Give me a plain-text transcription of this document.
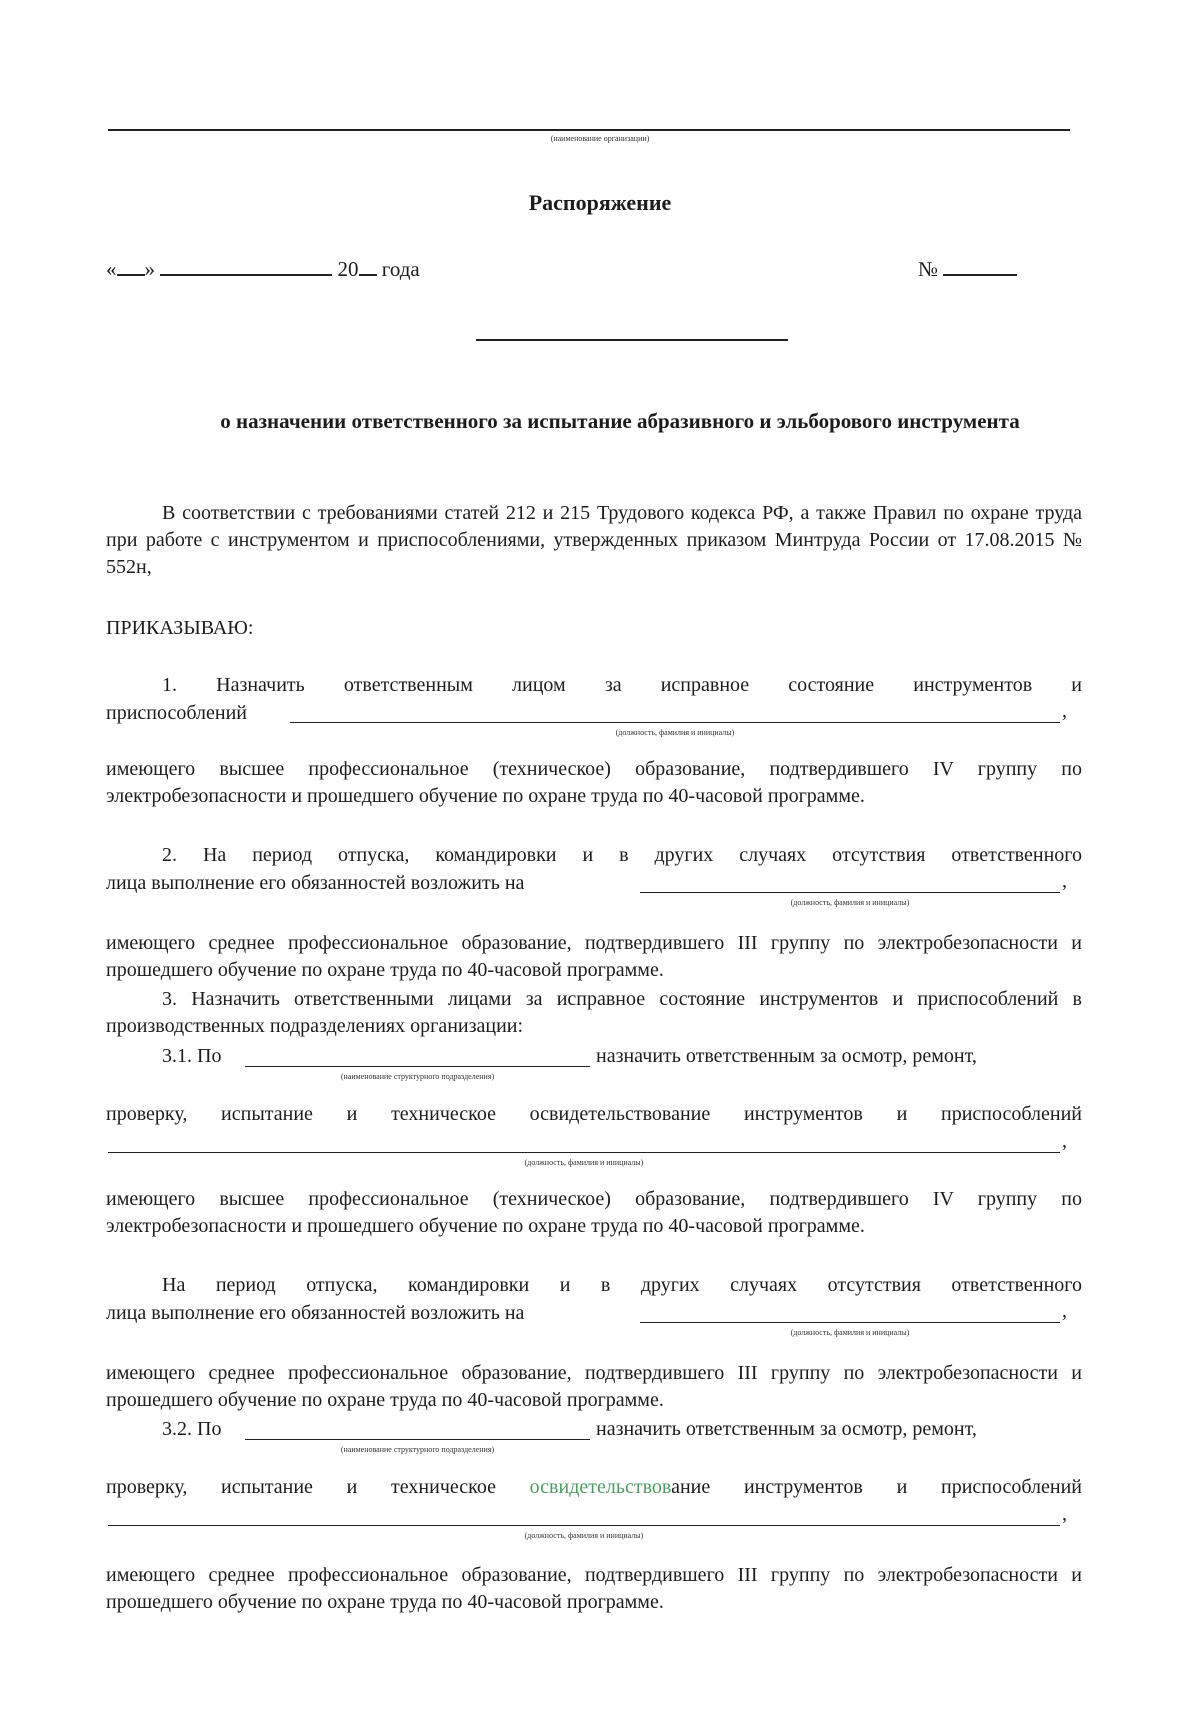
(наименование организации)
Распоряжение
« »	20 года	№
о назначении ответственного за испытание абразивного и эльборового инструмента
В соответствии с требованиями статей 212 и 215 Трудового кодекса РФ, а также Правил по охране труда при работе с инструментом и приспособлениями, утвержденных приказом Минтруда России от 17.08.2015 № 552н,
ПРИКАЗЫВАЮ:
1. Назначить ответственным лицом за исправное состояние инструментов и
приспособлений	,
(должность, фамилия и инициалы)
имеющего высшее профессиональное (техническое) образование, подтвердившего IV группу по электробезопасности и прошедшего обучение по охране труда по 40-часовой программе.
2. На период отпуска, командировки и в других случаях отсутствия ответственного
лица выполнение его обязанностей возложить на	,
(должность, фамилия и инициалы)
имеющего среднее профессиональное образование, подтвердившего III группу по электробезопасности и прошедшего обучение по охране труда по 40-часовой программе.
3. Назначить ответственными лицами за исправное состояние инструментов и приспособлений в производственных подразделениях организации:
3.1. По
(наименование структурного подразделения)
назначить ответственным за осмотр, ремонт,
проверку, испытание и техническое освидетельствование инструментов и приспособлений
,
(должность, фамилия и инициалы)
имеющего высшее профессиональное (техническое) образование, подтвердившего IV группу по электробезопасности и прошедшего обучение по охране труда по 40-часовой программе.
На период отпуска, командировки и в других случаях отсутствия ответственного
лица выполнение его обязанностей возложить на	,
(должность, фамилия и инициалы)
имеющего среднее профессиональное образование, подтвердившего III группу по электробезопасности и прошедшего обучение по охране труда по 40-часовой программе.
3.2. По
(наименование структурного подразделения)
назначить ответственным за осмотр, ремонт,
проверку, испытание и техническое освидетельствование инструментов и приспособлений
,
(должность, фамилия и инициалы)
имеющего среднее профессиональное образование, подтвердившего III группу по электробезопасности и прошедшего обучение по охране труда по 40-часовой программе.
